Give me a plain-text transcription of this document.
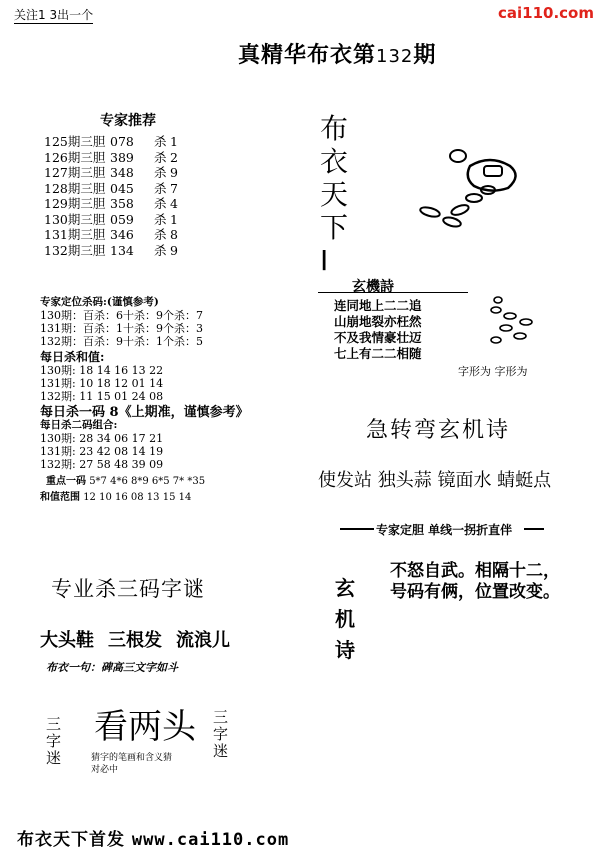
关注1 3出一个	cai110.com
真精华布衣第132期
专家推荐
125期三胆 078 杀 1
126期三胆 389 杀 2
127期三胆 348 杀 9
128期三胆 045 杀 7
129期三胆 358 杀 4
130期三胆 059 杀 1
131期三胆 346 杀 8
132期三胆 134 杀 9
布
衣
天
下
I
专家定位杀码:(谨慎参考)
130期：百杀：6十杀：9个杀：7
131期：百杀：1十杀：9个杀：3
132期：百杀：9十杀：1个杀：5
每日杀和值:
130期: 18 14 16 13 22
131期: 10 18 12 01 14
132期: 11 15 01 24 08
每日杀一码 8《上期准，谨慎参考》
每日杀二码组合:
130期: 28 34 06 17 21
131期: 23 42 08 14 19
132期: 27 58 48 39 09
重点一码 5*7 4*6 8*9 6*5 7* *35
和值范围 12 10 16 08 13 15 14
玄機詩
连同地上二二追
山崩地裂亦枉然
不及我情豪壮迈
七上有二二相随
字形为 字形为
急转弯玄机诗
使发站 独头蒜 镜面水 蜻蜓点
专家定胆 单线一拐折直伴
玄
机
诗
不怒自武。相隔十二，
号码有俩，位置改变。
专业杀三码字谜
大头鞋 三根发 流浪儿
布衣一句：碑高三文字如斗
三
字
迷
看两头 三
字
迷
猜字的笔画和含义猜
对必中
布衣天下首发 www.cai110.com
